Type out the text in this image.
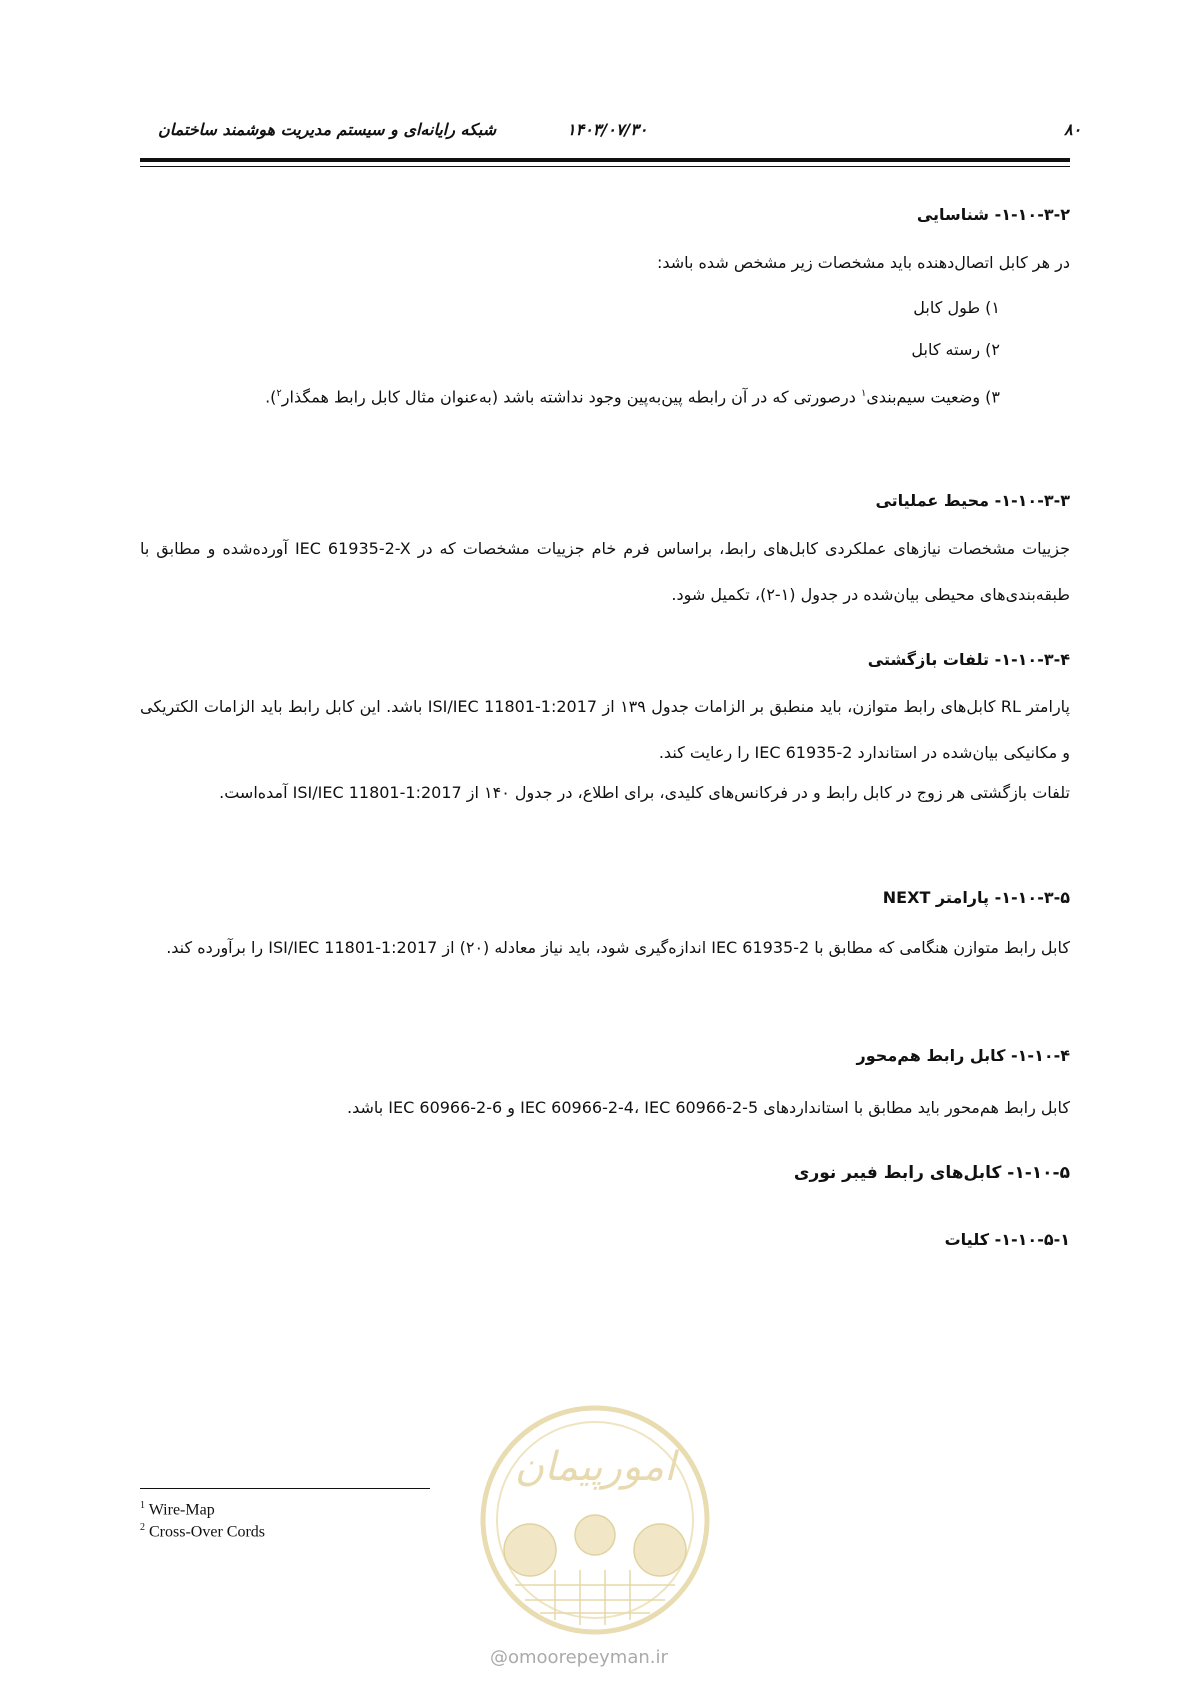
شبکه رایانه‌ای و سیستم مدیریت هوشمند ساختمان	۱۴۰۳/۰۷/۳۰	۸۰
۱-۱۰-۳-۲- شناسایی
در هر کابل اتصال‌دهنده باید مشخصات زیر مشخص شده باشد:
۱) طول کابل
۲) رسته کابل
۳) وضعیت سیم‌بندی$^۱$ درصورتی که در آن رابطه پین‌به‌پین وجود نداشته باشد (به‌عنوان مثال کابل رابط همگذار$^۲$).
۱-۱۰-۳-۳- محیط عملیاتی
جزییات مشخصات نیازهای عملکردی کابل‌های رابط، براساس فرم خام جزییات مشخصات که در IEC 61935-2-X آورده‌شده و مطابق با طبقه‌بندی‌های محیطی بیان‌شده در جدول (۱-۲)، تکمیل شود.
۱-۱۰-۳-۴- تلفات بازگشتی
پارامتر RL کابل‌های رابط متوازن، باید منطبق بر الزامات جدول ۱۳۹ از ISI/IEC 11801-1:2017 باشد. این کابل رابط باید الزامات الکتریکی و مکانیکی بیان‌شده در استاندارد IEC 61935-2 را رعایت کند.
تلفات بازگشتی هر زوج در کابل رابط و در فرکانس‌های کلیدی، برای اطلاع، در جدول ۱۴۰ از ISI/IEC 11801-1:2017 آمده‌است.
۱-۱۰-۳-۵- پارامتر NEXT
کابل رابط متوازن هنگامی که مطابق با IEC 61935-2 اندازه‌گیری شود، باید نیاز معادله (۲۰) از ISI/IEC 11801-1:2017 را برآورده کند.
۱-۱۰-۴- کابل رابط هم‌محور
کابل رابط هم‌محور باید مطابق با استانداردهای IEC 60966-2-4، IEC 60966-2-5 و IEC 60966-2-6 باشد.
۱-۱۰-۵- کابل‌های رابط فیبر نوری
۱-۱۰-۵-۱- کلیات
امورپیمان
@omoorepeyman.ir
$^1$ Wire-Map
$^2$ Cross-Over Cords
